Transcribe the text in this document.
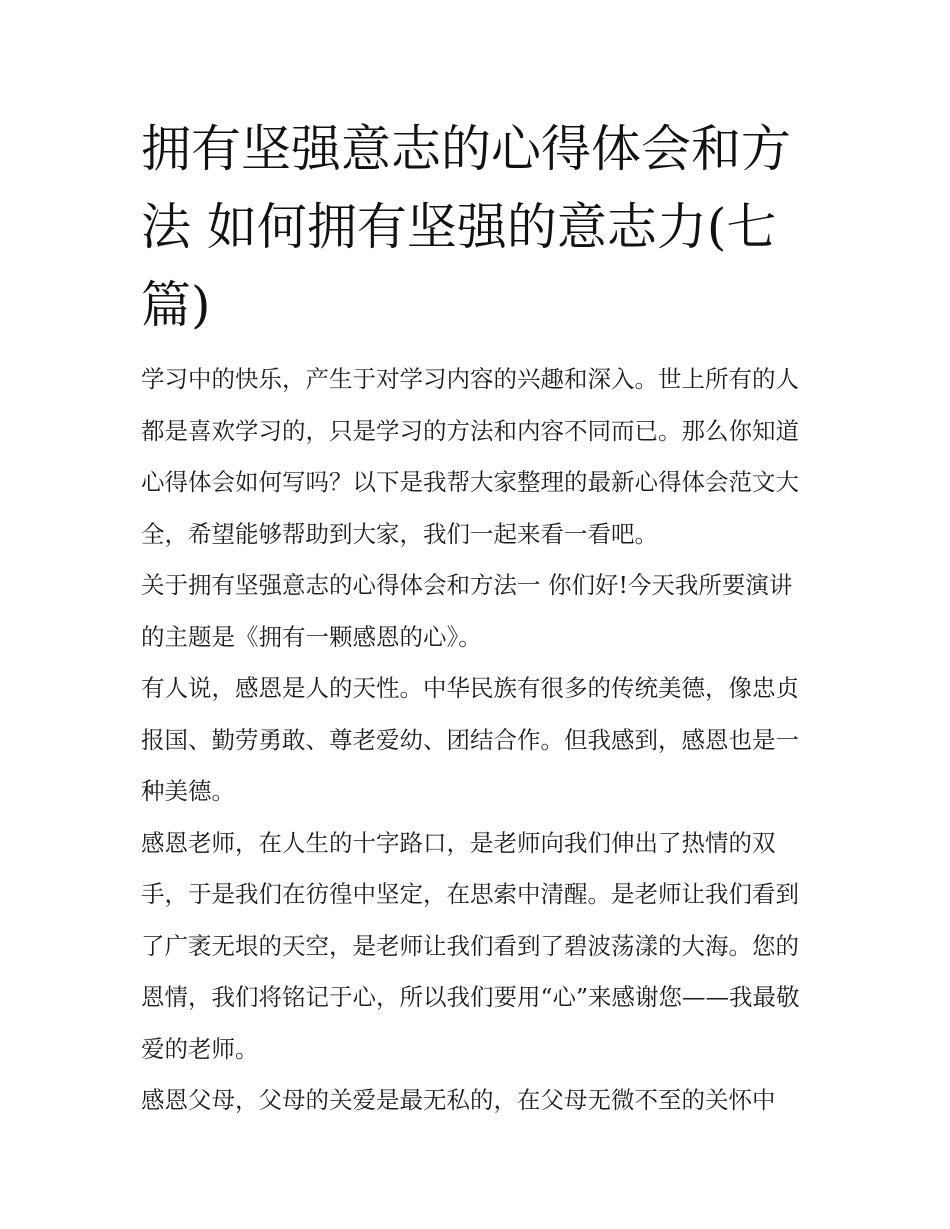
拥有坚强意志的心得体会和方法 如何拥有坚强的意志力(七篇)

学习中的快乐，产生于对学习内容的兴趣和深入。世上所有的人都是喜欢学习的，只是学习的方法和内容不同而已。那么你知道心得体会如何写吗？以下是我帮大家整理的最新心得体会范文大全，希望能够帮助到大家，我们一起来看一看吧。

关于拥有坚强意志的心得体会和方法一 你们好!今天我所要演讲的主题是《拥有一颗感恩的心》。

有人说，感恩是人的天性。中华民族有很多的传统美德，像忠贞报国、勤劳勇敢、尊老爱幼、团结合作。但我感到，感恩也是一种美德。

感恩老师，在人生的十字路口，是老师向我们伸出了热情的双手，于是我们在彷徨中坚定，在思索中清醒。是老师让我们看到了广袤无垠的天空，是老师让我们看到了碧波荡漾的大海。您的恩情，我们将铭记于心，所以我们要用“心”来感谢您——我最敬爱的老师。

感恩父母，父母的关爱是最无私的，在父母无微不至的关怀中
